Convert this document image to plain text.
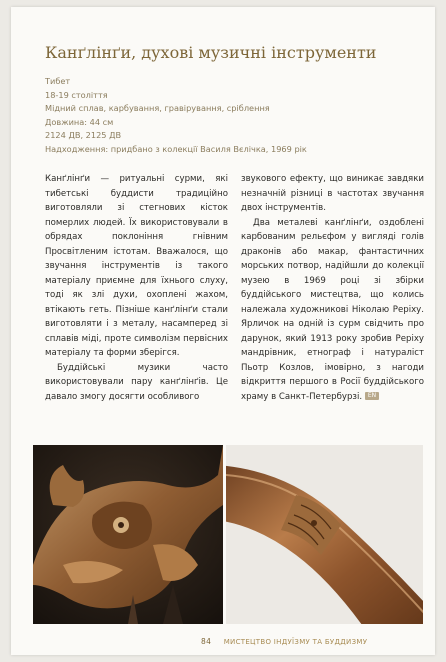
Канґлінґи, духові музичні інструменти
Тибет
18-19 століття
Мідний сплав, карбування, гравірування, сріблення
Довжина: 44 см
2124 ДВ, 2125 ДВ
Надходження: придбано з колекції Василя Вєлічка, 1969 рік

Канґлінґи — ритуальні сурми, які тибетські буддисти традиційно виготовляли зі стегнових кісток померлих людей. Їх використовували в обрядах поклоніння гнівним Просвітленим істотам. Вважалося, що звучання інструментів із такого матеріалу приємне для їхнього слуху, тоді як злі духи, охоплені жахом, втікають геть. Пізніше канґлінґи стали виготовляти і з металу, насамперед зі сплавів міді, проте символізм первісних матеріалу та форми зберігся.

Буддійські музики часто використовували пару канґлінґів. Це давало змогу досягти особливого

звукового ефекту, що виникає завдяки незначній різниці в частотах звучання двох інструментів.

Два металеві канґлінґи, оздоблені карбованим рельєфом у вигляді голів драконів або макар, фантастичних морських потвор, надійшли до колекції музею в 1969 році зі збірки буддійського мистецтва, що колись належала художникові Ніколаю Реріху. Ярличок на одній із сурм свідчить про дарунок, який 1913 року зробив Реріху мандрівник, етнограф і натураліст Пьотр Козлов, імовірно, з нагоди відкриття першого в Росії буддійського храму в Санкт-Петербурзі. EN

84 МИСТЕЦТВО ІНДУЇЗМУ ТА БУДДИЗМУ
